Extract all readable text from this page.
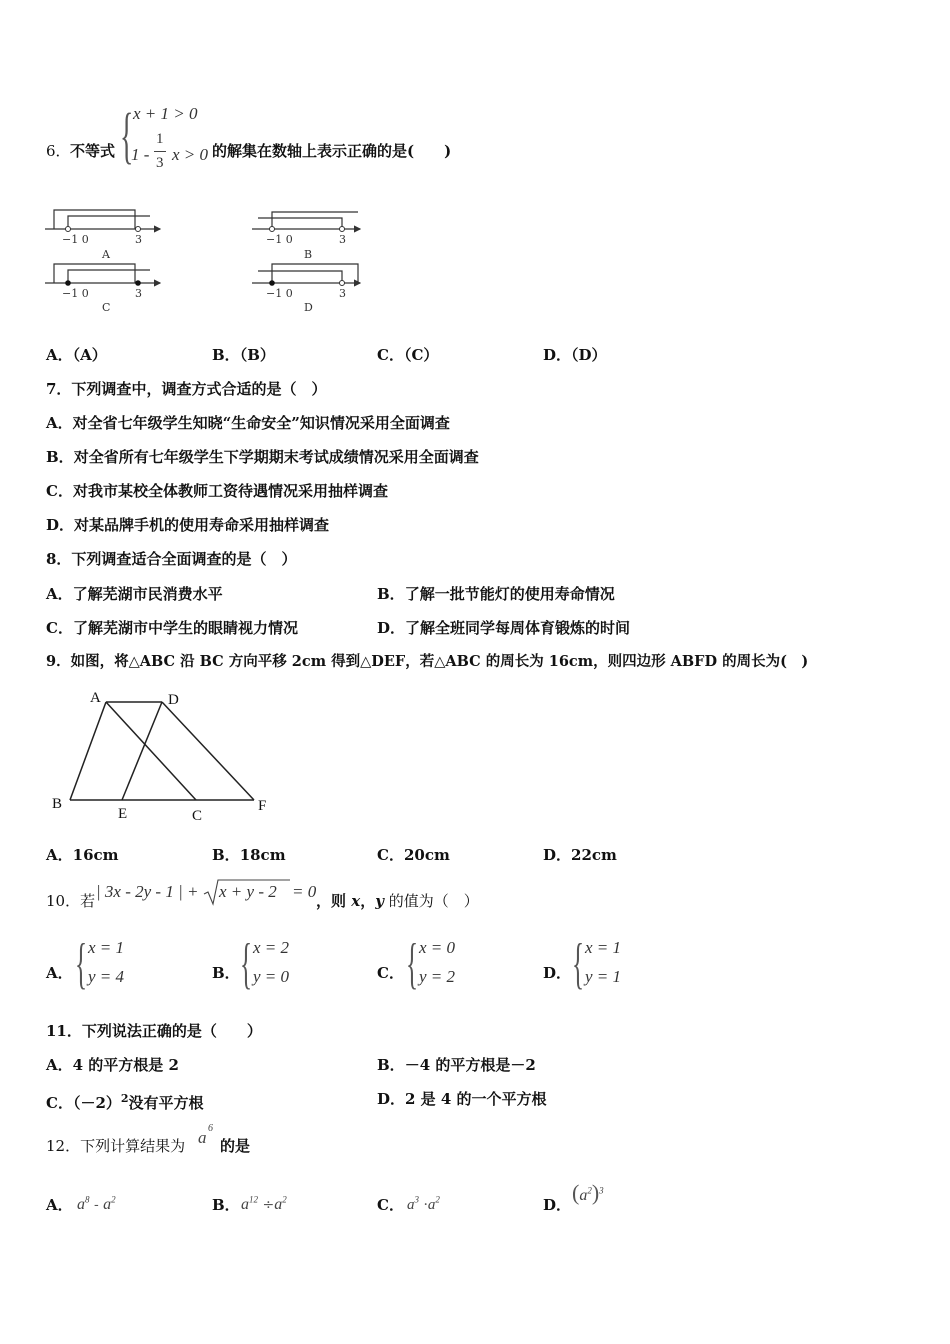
6． 不等式 { x + 1 > 0
1 -
1
3 x > 0 的解集在数轴上表示正确的是(　　)
−1 0	3
A
−1 0	3
B
−1 0	3
C
−1 0	3
D
A．（A）	B．（B）	C．（C）	D．（D）
7．下列调查中，调查方式合适的是（　）
A．对全省七年级学生知晓“生命安全”知识情况采用全面调查
B．对全省所有七年级学生下学期期末考试成绩情况采用全面调查
C．对我市某校全体教师工资待遇情况采用抽样调查
D．对某品牌手机的使用寿命采用抽样调查
8．下列调查适合全面调查的是（　）
A．了解芜湖市民消费水平	B．了解一批节能灯的使用寿命情况
C．了解芜湖市中学生的眼睛视力情况	D．了解全班同学每周体育锻炼的时间
9．如图，将△ABC 沿 BC 方向平移 2cm 得到△DEF，若△ABC 的周长为 16cm，则四边形 ABFD 的周长为(　)
A	D
B
E	C
F
A．16cm	B．18cm	C．20cm	D．22cm
10．若 | 3x - 2y - 1 | + x + y - 2 = 0 ，则 x，y 的值为（　）
A． { x = 1
y = 4	B． { x = 2
y = 0	C． { x = 0
y = 2	D． { x = 1
y = 1
11．下列说法正确的是（　　）
A．4 的平方根是 2	B．－4 的平方根是－2
C．$(-2)^2$没有平方根	D．2 是 4 的一个平方根
12．下列计算结果为 a 6
的是
A． $a^8 - a^2$	B． $a^{12} \div a^2$	C． $a^3 \cdot a^2$	D． $(a^2)^3$
